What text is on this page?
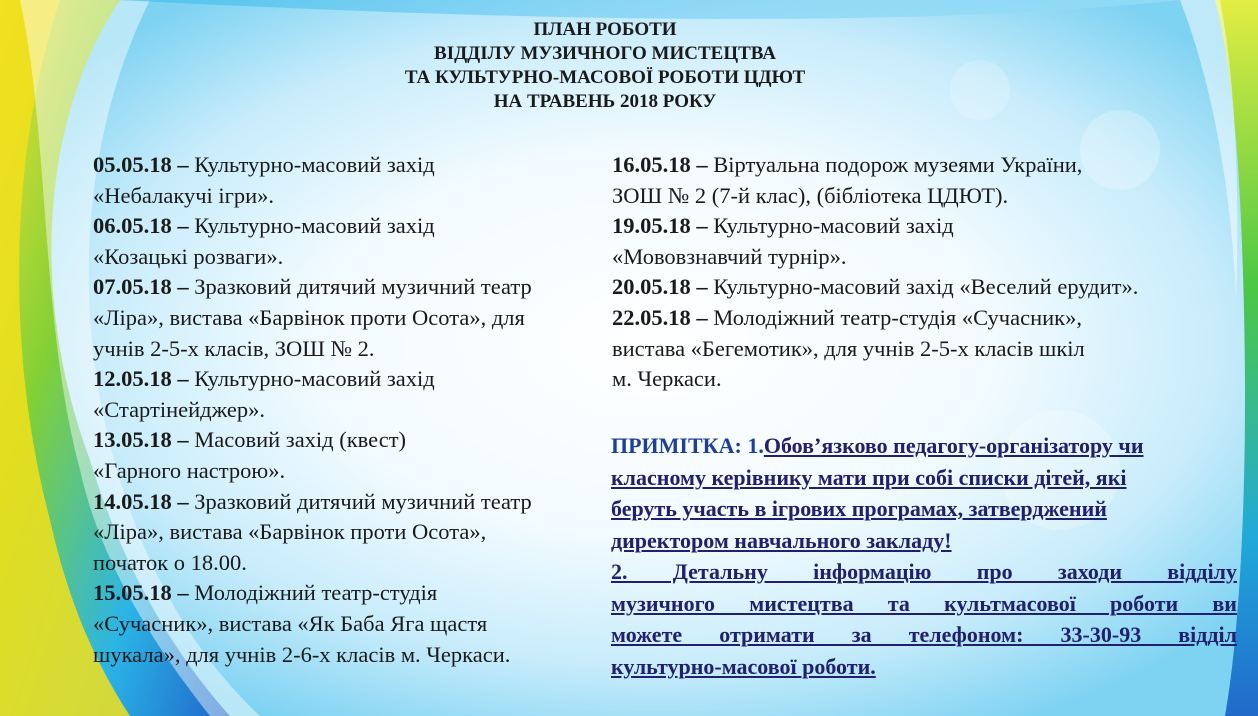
ПЛАН РОБОТИ
ВІДДІЛУ МУЗИЧНОГО МИСТЕЦТВА
ТА КУЛЬТУРНО-МАСОВОЇ РОБОТИ ЦДЮТ
НА ТРАВЕНЬ 2018 РОКУ
05.05.18 – Культурно-масовий захід
«Небалакучі ігри».
06.05.18 – Культурно-масовий захід
«Козацькі розваги».
07.05.18 – Зразковий дитячий музичний театр
«Ліра», вистава «Барвінок проти Осота», для
учнів 2-5-х класів, ЗОШ № 2.
12.05.18 – Культурно-масовий захід
«Стартінейджер».
13.05.18 – Масовий захід (квест)
«Гарного настрою».
14.05.18 – Зразковий дитячий музичний театр
«Ліра», вистава «Барвінок проти Осота»,
початок о 18.00.
15.05.18 – Молодіжний театр-студія
«Сучасник», вистава «Як Баба Яга щастя
шукала», для учнів 2-6-х класів м. Черкаси.
16.05.18 – Віртуальна подорож музеями України,
ЗОШ № 2 (7-й клас), (бібліотека ЦДЮТ).
19.05.18 – Культурно-масовий захід
«Мововзнавчий турнір».
20.05.18 – Культурно-масовий захід «Веселий ерудит».
22.05.18 – Молодіжний театр-студія «Сучасник»,
вистава «Бегемотик», для учнів 2-5-х класів шкіл
м. Черкаси.
ПРИМІТКА: 1.Обов’язково педагогу-організатору чи
класному керівнику мати при собі списки дітей, які
беруть участь в ігрових програмах, затверджений
директором навчального закладу!
2. Детальну інформацію про заходи відділу
музичного мистецтва та культмасової роботи ви
можете отримати за телефоном: 33-30-93 відділ
культурно-масової роботи.
